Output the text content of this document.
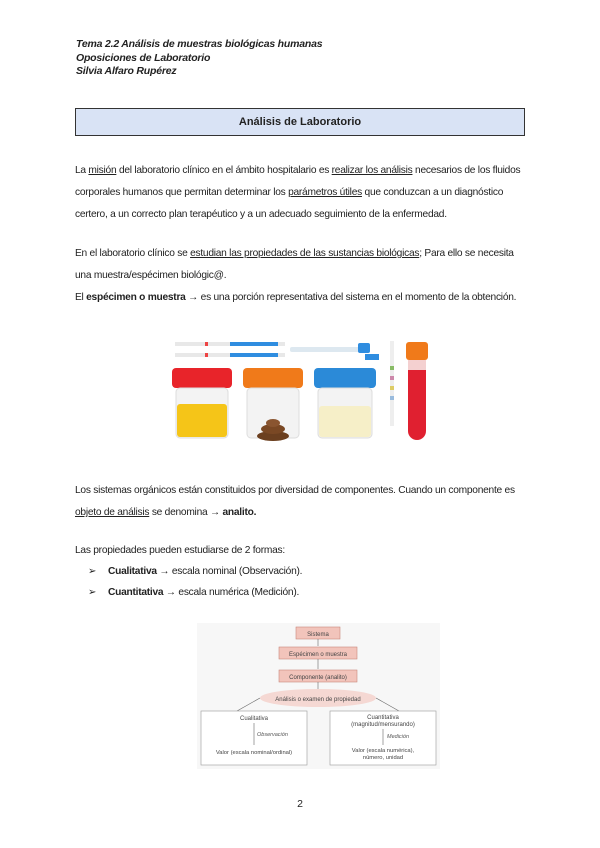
Tema 2.2 Análisis de muestras biológicas humanas
Oposiciones de Laboratorio
Silvia Alfaro Rupérez
Análisis de Laboratorio
La misión del laboratorio clínico en el ámbito hospitalario es realizar los análisis necesarios de los fluidos corporales humanos que permitan determinar los parámetros útiles que conduzcan a un diagnóstico certero, a un correcto plan terapéutico y a un adecuado seguimiento de la enfermedad.
En el laboratorio clínico se estudian las propiedades de las sustancias biológicas; Para ello se necesita una muestra/espécimen biológic@.
El espécimen o muestra → es una porción representativa del sistema en el momento de la obtención.
Los sistemas orgánicos están constituidos por diversidad de componentes. Cuando un componente es objeto de análisis se denomina → analito.
Las propiedades pueden estudiarse de 2 formas:
➢ Cualitativa → escala nominal (Observación).
➢ Cuantitativa → escala numérica (Medición).
Sistema
Espécimen o muestra
Componente (analito)
Análisis o examen de propiedad
Cualitativa
Observación
Valor (escala nominal/ordinal)
Cuantitativa
(magnitud/mensurando)
Medición
Valor (escala numérica),
número, unidad
2
